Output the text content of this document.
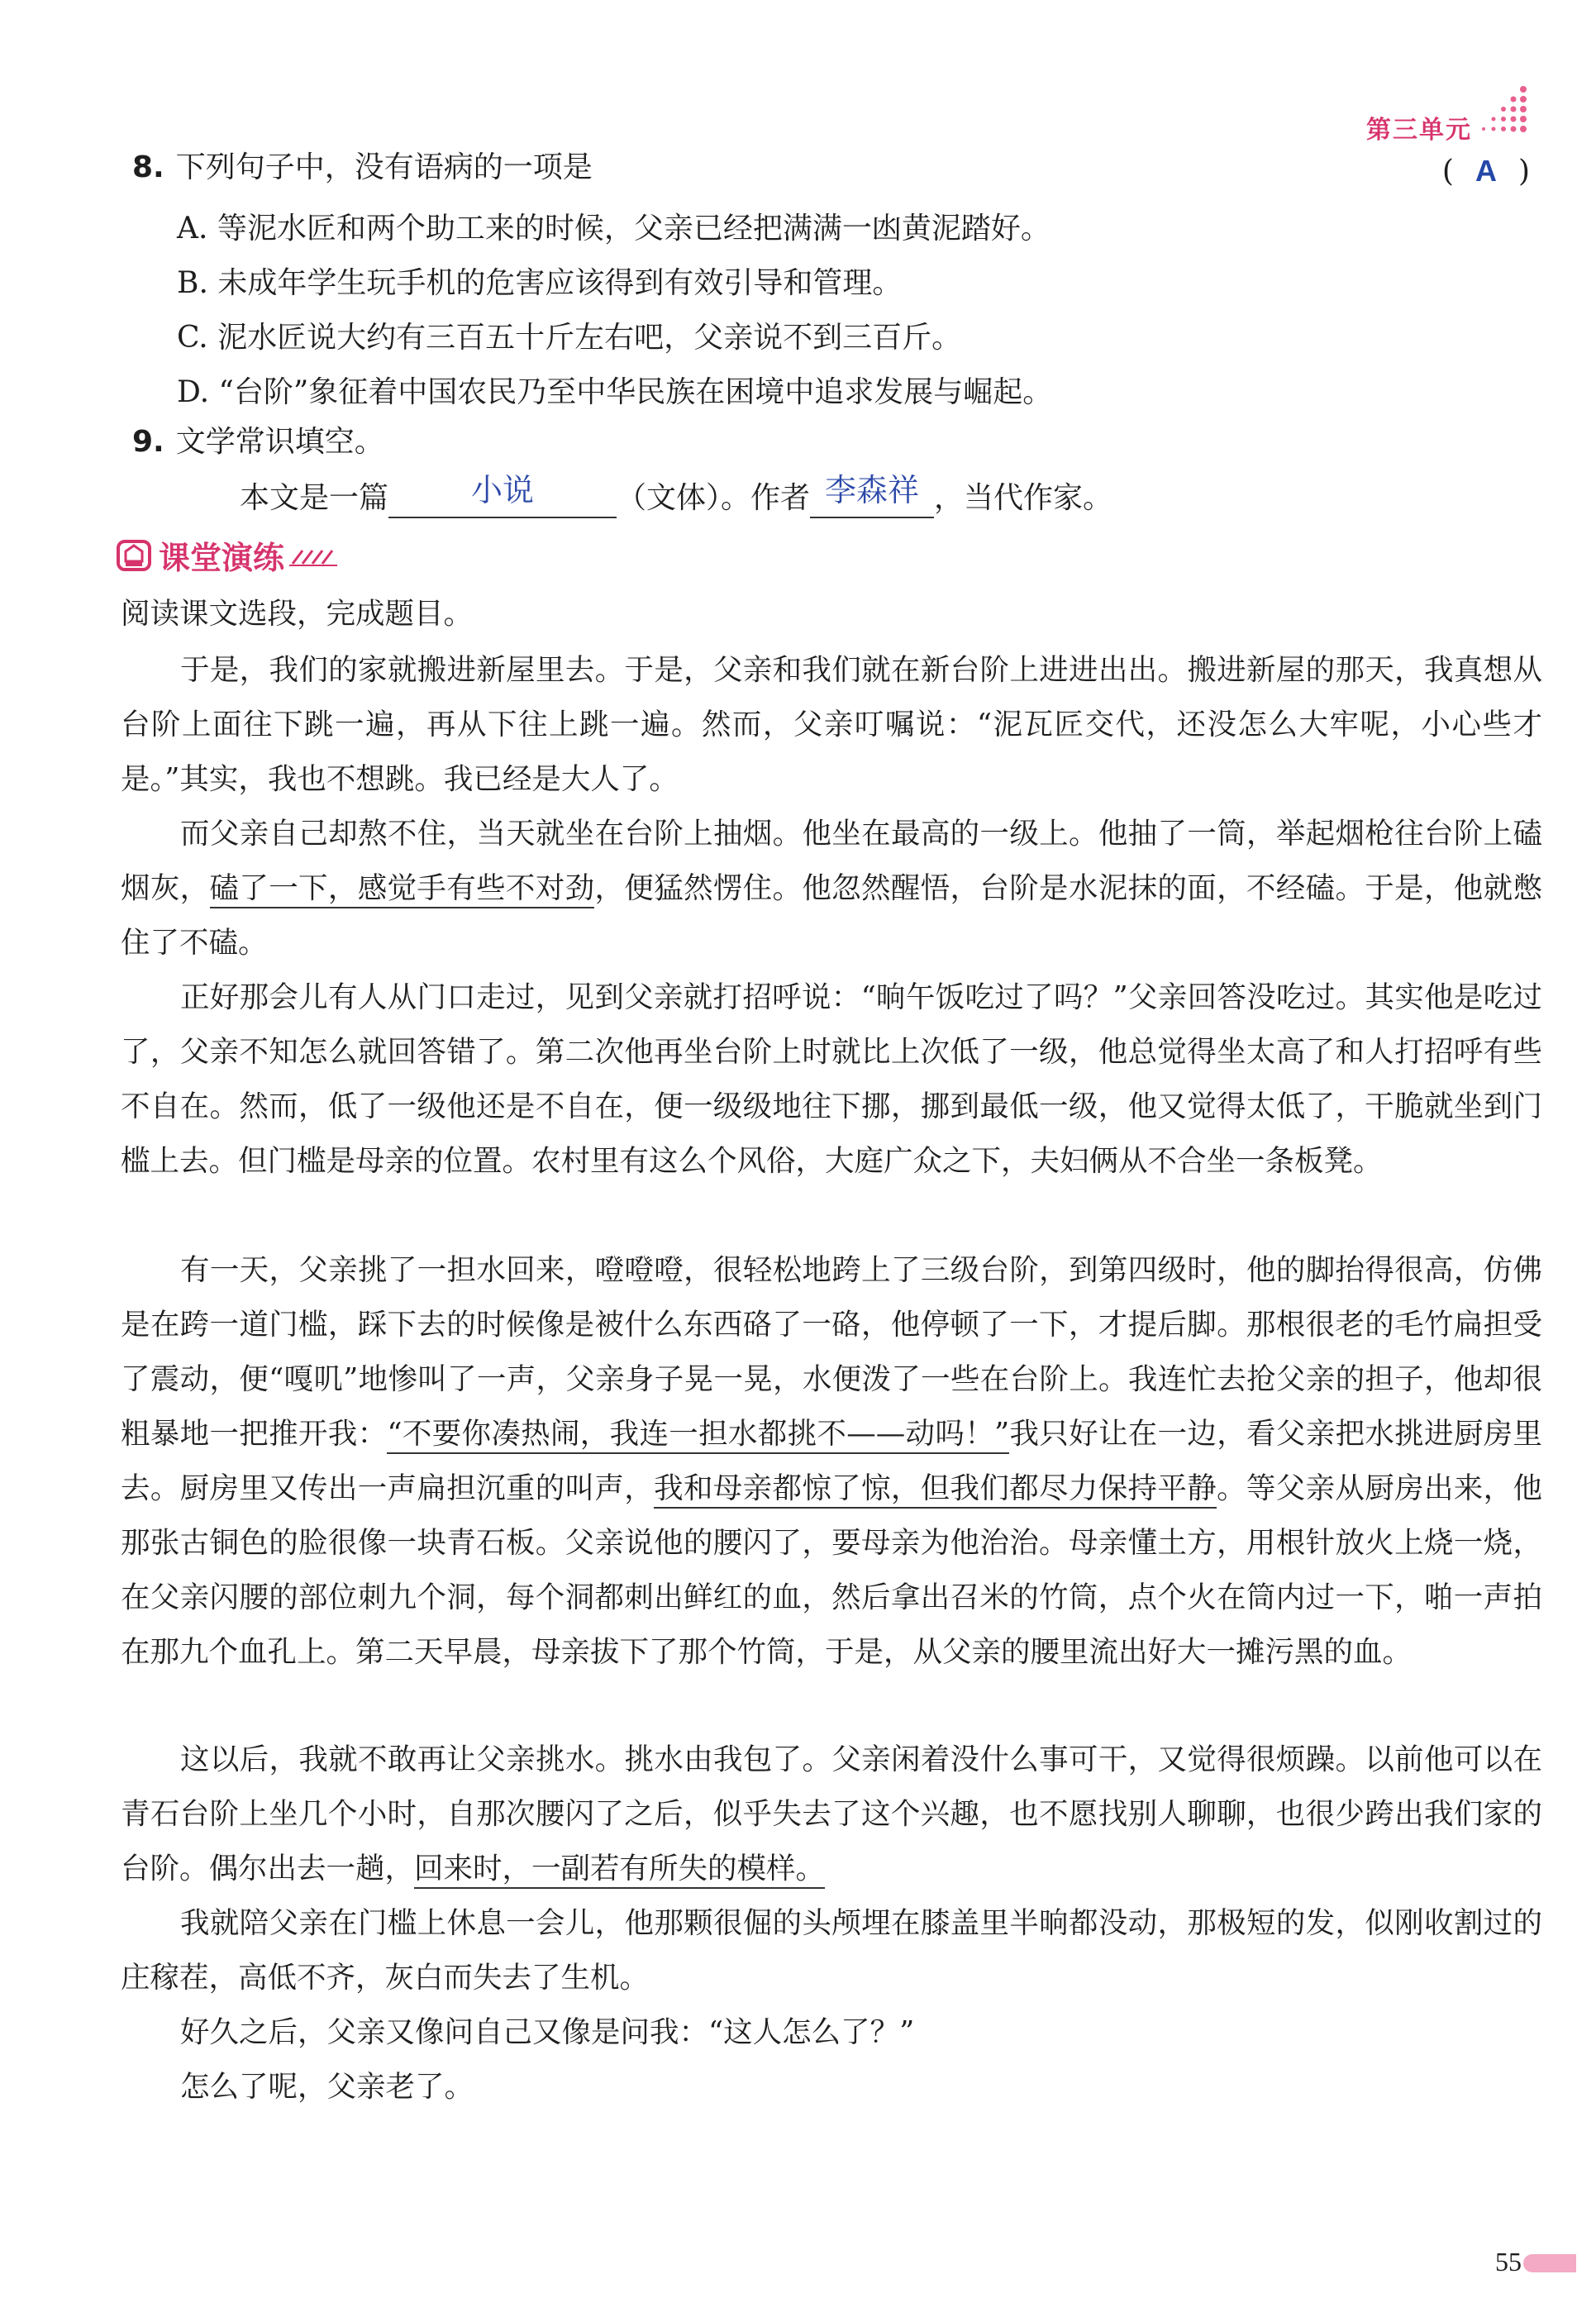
第三单元
8. 下列句子中，没有语病的一项是	( A )
A. 等泥水匠和两个助工来的时候，父亲已经把满满一凼黄泥踏好。
B. 未成年学生玩手机的危害应该得到有效引导和管理。
C. 泥水匠说大约有三百五十斤左右吧，父亲说不到三百斤。
D. “台阶”象征着中国农民乃至中华民族在困境中追求发展与崛起。
9. 文学常识填空。
本文是一篇	小说	（文体）。作者 李森祥 ，当代作家。
课堂演练
阅读课文选段，完成题目。
于是，我们的家就搬进新屋里去。于是，父亲和我们就在新台阶上进进出出。搬进新屋的那天，我真想从台阶上面往下跳一遍，再从下往上跳一遍。然而，父亲叮嘱说：“泥瓦匠交代，还没怎么大牢呢，小心些才是。”其实，我也不想跳。我已经是大人了。
而父亲自己却熬不住，当天就坐在台阶上抽烟。他坐在最高的一级上。他抽了一筒，举起烟枪往台阶上磕烟灰，磕了一下，感觉手有些不对劲，便猛然愣住。他忽然醒悟，台阶是水泥抹的面，不经磕。于是，他就憋住了不磕。
正好那会儿有人从门口走过，见到父亲就打招呼说：“晌午饭吃过了吗？”父亲回答没吃过。其实他是吃过了，父亲不知怎么就回答错了。第二次他再坐台阶上时就比上次低了一级，他总觉得坐太高了和人打招呼有些不自在。然而，低了一级他还是不自在，便一级级地往下挪，挪到最低一级，他又觉得太低了，干脆就坐到门槛上去。但门槛是母亲的位置。农村里有这么个风俗，大庭广众之下，夫妇俩从不合坐一条板凳。
有一天，父亲挑了一担水回来，噔噔噔，很轻松地跨上了三级台阶，到第四级时，他的脚抬得很高，仿佛是在跨一道门槛，踩下去的时候像是被什么东西硌了一硌，他停顿了一下，才提后脚。那根很老的毛竹扁担受了震动，便“嘎叽”地惨叫了一声，父亲身子晃一晃，水便泼了一些在台阶上。我连忙去抢父亲的担子，他却很粗暴地一把推开我：“不要你凑热闹，我连一担水都挑不——动吗！”我只好让在一边，看父亲把水挑进厨房里去。厨房里又传出一声扁担沉重的叫声，我和母亲都惊了惊，但我们都尽力保持平静。等父亲从厨房出来，他那张古铜色的脸很像一块青石板。父亲说他的腰闪了，要母亲为他治治。母亲懂土方，用根针放火上烧一烧，在父亲闪腰的部位刺九个洞，每个洞都刺出鲜红的血，然后拿出召米的竹筒，点个火在筒内过一下，啪一声拍在那九个血孔上。第二天早晨，母亲拔下了那个竹筒，于是，从父亲的腰里流出好大一摊污黑的血。
这以后，我就不敢再让父亲挑水。挑水由我包了。父亲闲着没什么事可干，又觉得很烦躁。以前他可以在青石台阶上坐几个小时，自那次腰闪了之后，似乎失去了这个兴趣，也不愿找别人聊聊，也很少跨出我们家的台阶。偶尔出去一趟，回来时，一副若有所失的模样。
我就陪父亲在门槛上休息一会儿，他那颗很倔的头颅埋在膝盖里半晌都没动，那极短的发，似刚收割过的庄稼茬，高低不齐，灰白而失去了生机。
好久之后，父亲又像问自己又像是问我：“这人怎么了？”
怎么了呢，父亲老了。
55
